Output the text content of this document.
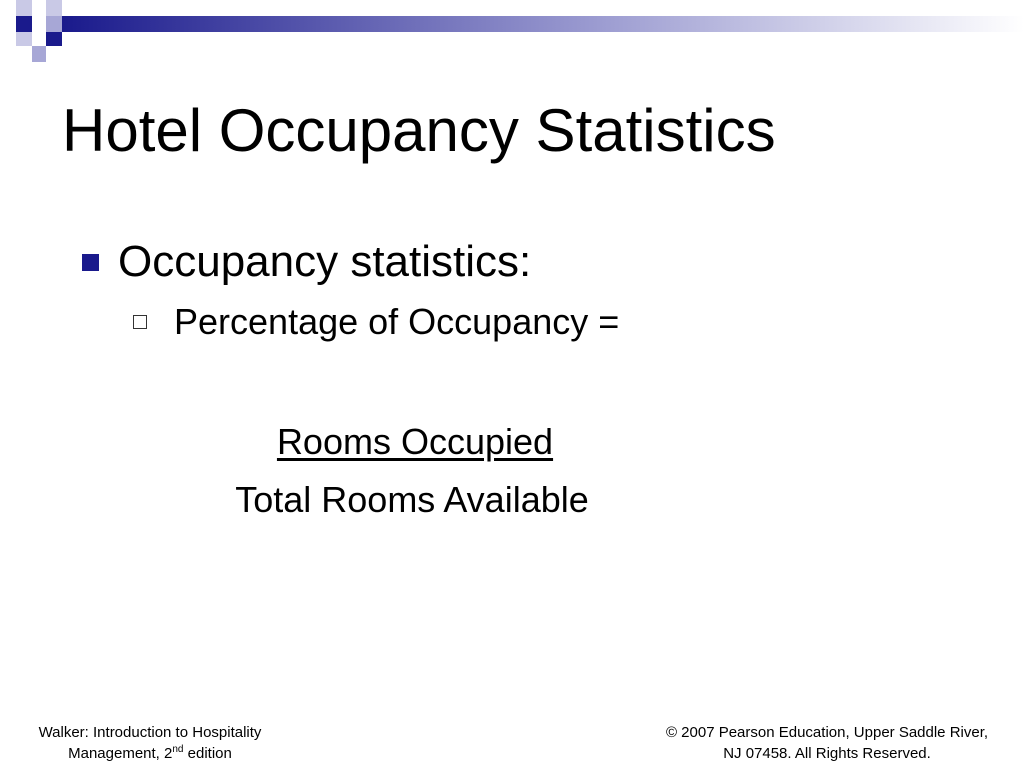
Hotel Occupancy Statistics
Occupancy statistics:
Percentage of Occupancy =
Rooms Occupied
Total Rooms Available
Walker: Introduction to Hospitality
Management, 2nd edition
© 2007 Pearson Education, Upper Saddle River,
NJ 07458. All Rights Reserved.
